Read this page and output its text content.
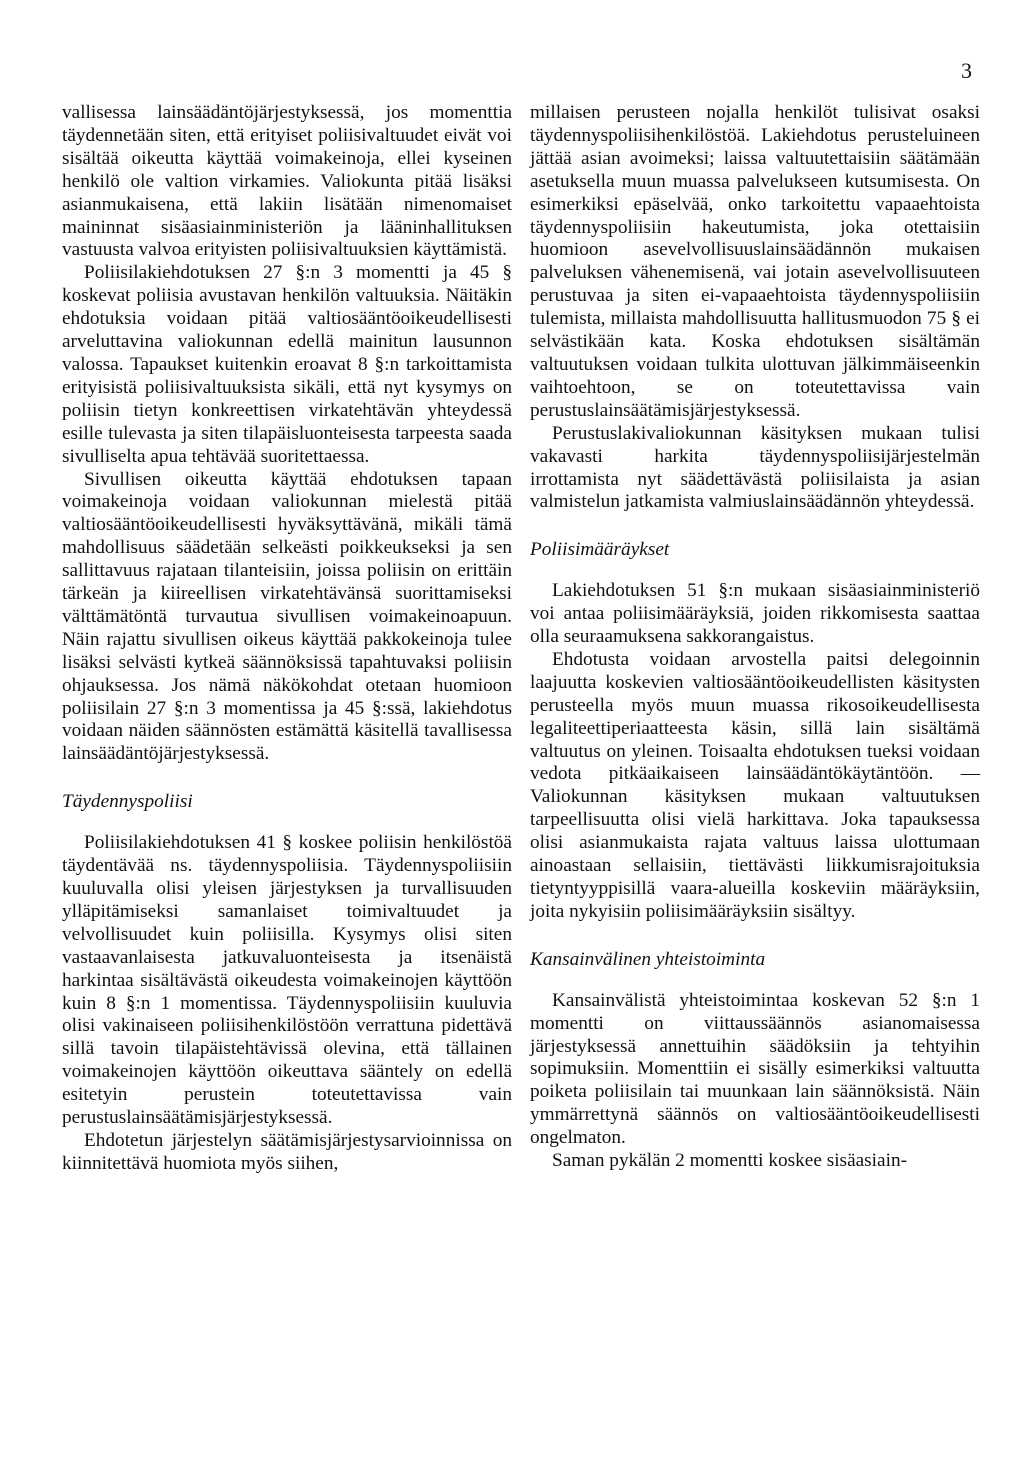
3

vallisessa lainsäädäntöjärjestyksessä, jos momenttia täydennetään siten, että erityiset poliisivaltuudet eivät voi sisältää oikeutta käyttää voimakeinoja, ellei kyseinen henkilö ole valtion virkamies. Valiokunta pitää lisäksi asianmukaisena, että lakiin lisätään nimenomaiset maininnat sisäasiainministeriön ja lääninhallituksen vastuusta valvoa erityisten poliisivaltuuksien käyttämistä.

Poliisilakiehdotuksen 27 §:n 3 momentti ja 45 § koskevat poliisia avustavan henkilön valtuuksia. Näitäkin ehdotuksia voidaan pitää valtiosääntöoikeudellisesti arveluttavina valiokunnan edellä mainitun lausunnon valossa. Tapaukset kuitenkin eroavat 8 §:n tarkoittamista erityisistä poliisivaltuuksista sikäli, että nyt kysymys on poliisin tietyn konkreettisen virkatehtävän yhteydessä esille tulevasta ja siten tilapäisluonteisesta tarpeesta saada sivulliselta apua tehtävää suoritettaessa.

Sivullisen oikeutta käyttää ehdotuksen tapaan voimakeinoja voidaan valiokunnan mielestä pitää valtiosääntöoikeudellisesti hyväksyttävänä, mikäli tämä mahdollisuus säädetään selkeästi poikkeukseksi ja sen sallittavuus rajataan tilanteisiin, joissa poliisin on erittäin tärkeän ja kiireellisen virkatehtävänsä suorittamiseksi välttämätöntä turvautua sivullisen voimakeinoapuun. Näin rajattu sivullisen oikeus käyttää pakkokeinoja tulee lisäksi selvästi kytkeä säännöksissä tapahtuvaksi poliisin ohjauksessa. Jos nämä näkökohdat otetaan huomioon poliisilain 27 §:n 3 momentissa ja 45 §:ssä, lakiehdotus voidaan näiden säännösten estämättä käsitellä tavallisessa lainsäädäntöjärjestyksessä.

Täydennyspoliisi

Poliisilakiehdotuksen 41 § koskee poliisin henkilöstöä täydentävää ns. täydennyspoliisia. Täydennyspoliisiin kuuluvalla olisi yleisen järjestyksen ja turvallisuuden ylläpitämiseksi samanlaiset toimivaltuudet ja velvollisuudet kuin poliisilla. Kysymys olisi siten vastaavanlaisesta jatkuvaluonteisesta ja itsenäistä harkintaa sisältävästä oikeudesta voimakeinojen käyttöön kuin 8 §:n 1 momentissa. Täydennyspoliisiin kuuluvia olisi vakinaiseen poliisihenkilöstöön verrattuna pidettävä sillä tavoin tilapäistehtävissä olevina, että tällainen voimakeinojen käyttöön oikeuttava sääntely on edellä esitetyin perustein toteutettavissa vain perustuslainsäätämisjärjestyksessä.

Ehdotetun järjestelyn säätämisjärjestysarvioinnissa on kiinnitettävä huomiota myös siihen,

millaisen perusteen nojalla henkilöt tulisivat osaksi täydennyspoliisihenkilöstöä. Lakiehdotus perusteluineen jättää asian avoimeksi; laissa valtuutettaisiin säätämään asetuksella muun muassa palvelukseen kutsumisesta. On esimerkiksi epäselvää, onko tarkoitettu vapaaehtoista täydennyspoliisiin hakeutumista, joka otettaisiin huomioon asevelvollisuuslainsäädännön mukaisen palveluksen vähenemisenä, vai jotain asevelvollisuuteen perustuvaa ja siten ei-vapaaehtoista täydennyspoliisiin tulemista, millaista mahdollisuutta hallitusmuodon 75 § ei selvästikään kata. Koska ehdotuksen sisältämän valtuutuksen voidaan tulkita ulottuvan jälkimmäiseenkin vaihtoehtoon, se on toteutettavissa vain perustuslainsäätämisjärjestyksessä.

Perustuslakivaliokunnan käsityksen mukaan tulisi vakavasti harkita täydennyspoliisijärjestelmän irrottamista nyt säädettävästä poliisilaista ja asian valmistelun jatkamista valmiuslainsäädännön yhteydessä.

Poliisimääräykset

Lakiehdotuksen 51 §:n mukaan sisäasiainministeriö voi antaa poliisimääräyksiä, joiden rikkomisesta saattaa olla seuraamuksena sakkorangaistus.

Ehdotusta voidaan arvostella paitsi delegoinnin laajuutta koskevien valtiosääntöoikeudellisten käsitysten perusteella myös muun muassa rikosoikeudellisesta legaliteettiperiaatteesta käsin, sillä lain sisältämä valtuutus on yleinen. Toisaalta ehdotuksen tueksi voidaan vedota pitkäaikaiseen lainsäädäntökäytäntöön. — Valiokunnan käsityksen mukaan valtuutuksen tarpeellisuutta olisi vielä harkittava. Joka tapauksessa olisi asianmukaista rajata valtuus laissa ulottumaan ainoastaan sellaisiin, tiettävästi liikkumisrajoituksia tietyntyyppisillä vaara-alueilla koskeviin määräyksiin, joita nykyisiin poliisimääräyksiin sisältyy.

Kansainvälinen yhteistoiminta

Kansainvälistä yhteistoimintaa koskevan 52 §:n 1 momentti on viittaussäännös asianomaisessa järjestyksessä annettuihin säädöksiin ja tehtyihin sopimuksiin. Momenttiin ei sisälly esimerkiksi valtuutta poiketa poliisilain tai muunkaan lain säännöksistä. Näin ymmärrettynä säännös on valtiosääntöoikeudellisesti ongelmaton.

Saman pykälän 2 momentti koskee sisäasiain-
